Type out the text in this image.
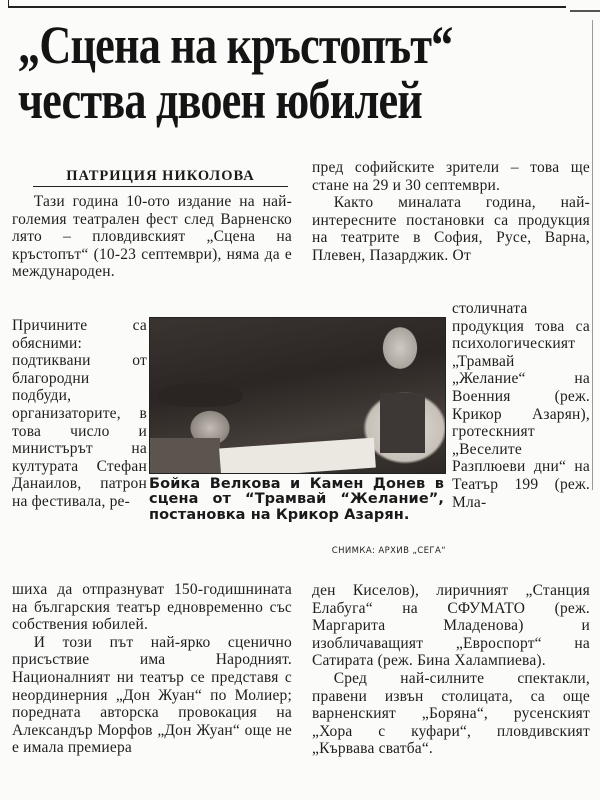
„Сцена на кръстопът“
чества двоен юбилей
ПАТРИЦИЯ НИКОЛОВА

Тази година 10-ото издание на най-големия театрален фест след Варненско лято – пловдивският „Сцена на кръстопът“ (10-23 септември), няма да е международен.

Причините са обясними: подтиквани от благородни подбуди, организаторите, в това число и министърът на културата Стефан Данаилов, патрон на фестивала, ре-

шиха да отпразнуват 150-годишнината на българския театър едновременно със собствения юбилей.

И този път най-ярко сценично присъствие има Народният. Националният ни театър се представя с неординерния „Дон Жуан“ по Молиер; поредната авторска провокация на Александър Морфов „Дон Жуан“ още не е имала премиера

пред софийските зрители – това ще стане на 29 и 30 септември.

Както миналата година, най-интересните постановки са продукция на театрите в София, Русе, Варна, Плевен, Пазарджик. От

столичната продукция това са психологическият „Трамвай „Желание“ на Военния (реж. Крикор Азарян), гротескният „Веселите Разплюеви дни“ на Театър 199 (реж. Мла-

ден Киселов), лиричният „Станция Елабуга“ на СФУМАТО (реж. Маргарита Младенова) и изобличаващият „Евроспорт“ на Сатирата (реж. Бина Халампиева).

Сред най-силните спектакли, правени извън столицата, са още варненският „Боряна“, русенският „Хора с куфари“, пловдивският „Кървава сватба“.

Бойка Велкова и Камен Донев в сцена от “Трамвай “Желание”, постановка на Крикор Азарян.
СНИМКА: АРХИВ „СЕГА“
